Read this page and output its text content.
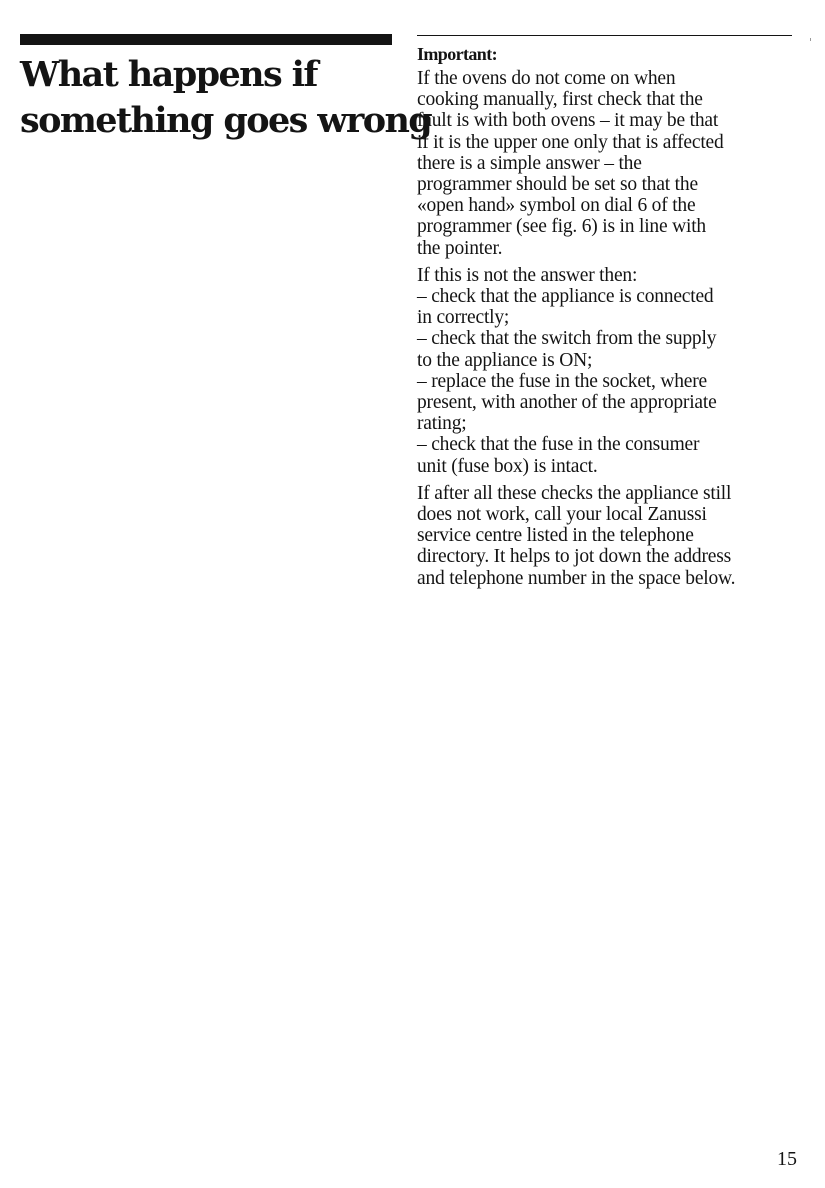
What happens if
something goes wrong
Important:
If the ovens do not come on when
cooking manually, first check that the
fault is with both ovens – it may be that
if it is the upper one only that is affected
there is a simple answer – the
programmer should be set so that the
«open hand» symbol on dial 6 of the
programmer (see fig. 6) is in line with
the pointer.
If this is not the answer then:
– check that the appliance is connected
in correctly;
– check that the switch from the supply
to the appliance is ON;
– replace the fuse in the socket, where
present, with another of the appropriate
rating;
– check that the fuse in the consumer
unit (fuse box) is intact.
If after all these checks the appliance still
does not work, call your local Zanussi
service centre listed in the telephone
directory. It helps to jot down the address
and telephone number in the space below.
15
